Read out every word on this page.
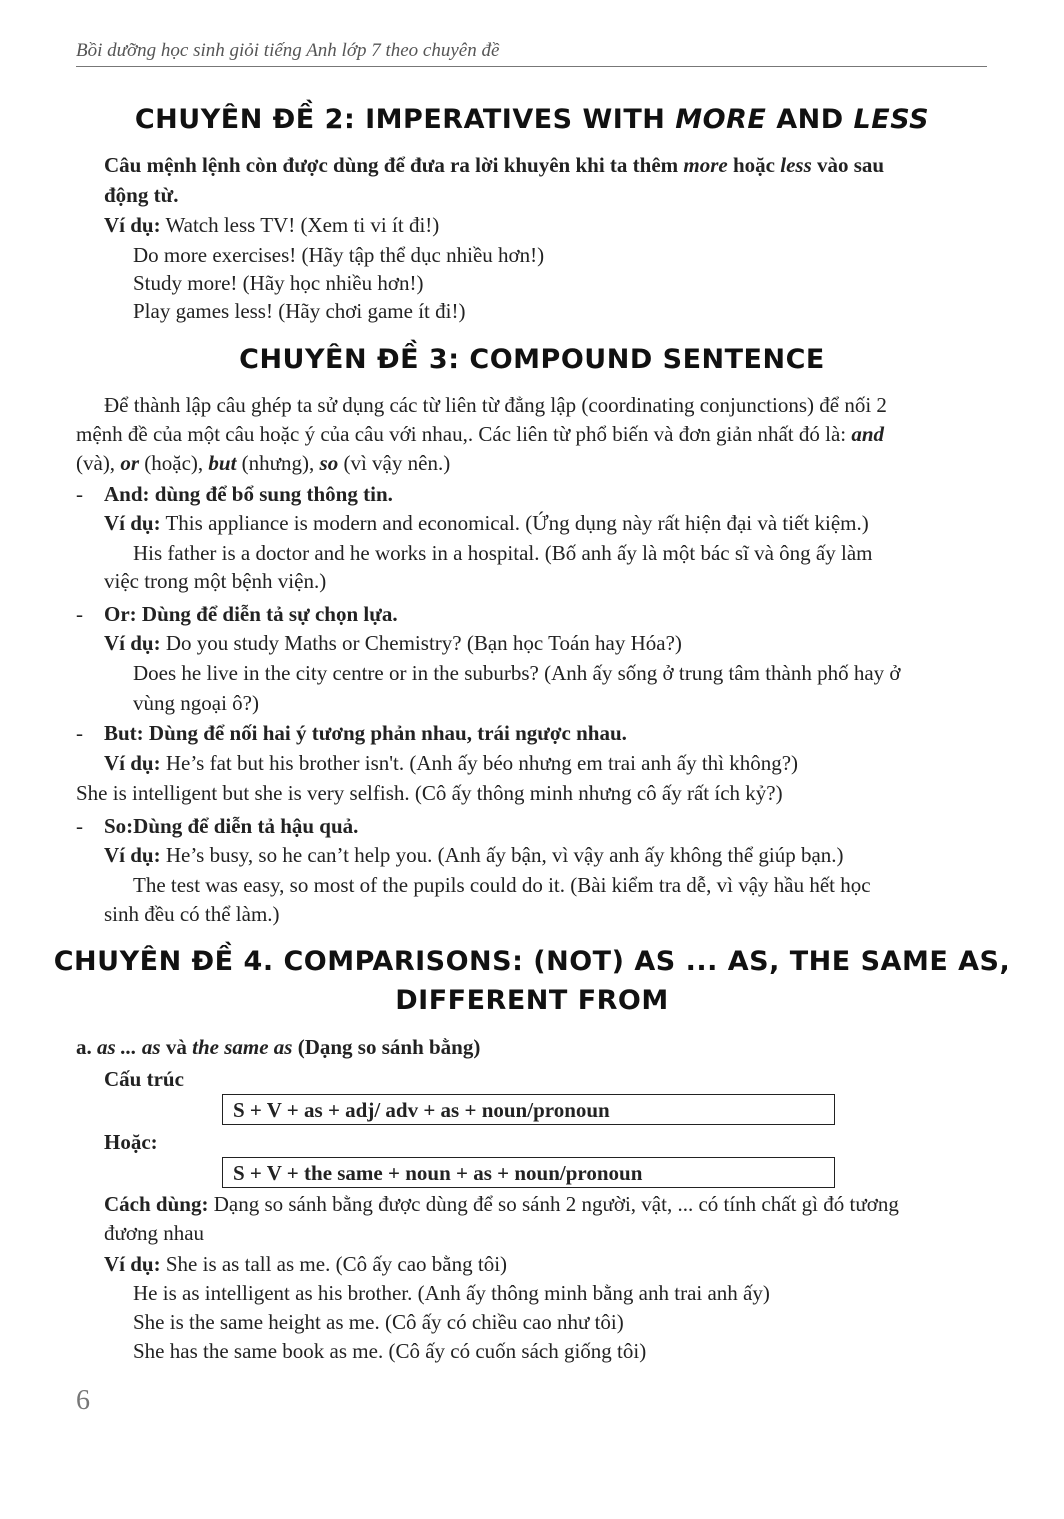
Bồi dưỡng học sinh giỏi tiếng Anh lớp 7 theo chuyên đề
CHUYÊN ĐỀ 2: IMPERATIVES WITH MORE AND LESS
Câu mệnh lệnh còn được dùng để đưa ra lời khuyên khi ta thêm more hoặc less vào sau
động từ.
Ví dụ: Watch less TV! (Xem ti vi ít đi!)
Do more exercises! (Hãy tập thể dục nhiều hơn!)
Study more! (Hãy học nhiều hơn!)
Play games less! (Hãy chơi game ít đi!)
CHUYÊN ĐỀ 3: COMPOUND SENTENCE
Để thành lập câu ghép ta sử dụng các từ liên từ đẳng lập (coordinating conjunctions) để nối 2
mệnh đề của một câu hoặc ý của câu với nhau,. Các liên từ phổ biến và đơn giản nhất đó là: and
(và), or (hoặc), but (nhưng), so (vì vậy nên.)
- And: dùng để bổ sung thông tin.
Ví dụ: This appliance is modern and economical. (Ứng dụng này rất hiện đại và tiết kiệm.)
His father is a doctor and he works in a hospital. (Bố anh ấy là một bác sĩ và ông ấy làm
việc trong một bệnh viện.)
- Or: Dùng để diễn tả sự chọn lựa.
Ví dụ: Do you study Maths or Chemistry? (Bạn học Toán hay Hóa?)
Does he live in the city centre or in the suburbs? (Anh ấy sống ở trung tâm thành phố hay ở
vùng ngoại ô?)
- But: Dùng để nối hai ý tương phản nhau, trái ngược nhau.
Ví dụ: He’s fat but his brother isn't. (Anh ấy béo nhưng em trai anh ấy thì không?)
She is intelligent but she is very selfish. (Cô ấy thông minh nhưng cô ấy rất ích kỷ?)
- So:Dùng để diễn tả hậu quả.
Ví dụ: He’s busy, so he can’t help you. (Anh ấy bận, vì vậy anh ấy không thể giúp bạn.)
The test was easy, so most of the pupils could do it. (Bài kiểm tra dễ, vì vậy hầu hết học
sinh đều có thể làm.)
CHUYÊN ĐỀ 4. COMPARISONS: (NOT) AS ... AS, THE SAME AS,
DIFFERENT FROM
a. as ... as và the same as (Dạng so sánh bằng)
Cấu trúc
S + V + as + adj/ adv + as + noun/pronoun
Hoặc:
S + V + the same + noun + as + noun/pronoun
Cách dùng: Dạng so sánh bằng được dùng để so sánh 2 người, vật, ... có tính chất gì đó tương
đương nhau
Ví dụ: She is as tall as me. (Cô ấy cao bằng tôi)
He is as intelligent as his brother. (Anh ấy thông minh bằng anh trai anh ấy)
She is the same height as me. (Cô ấy có chiều cao như tôi)
She has the same book as me. (Cô ấy có cuốn sách giống tôi)
6
